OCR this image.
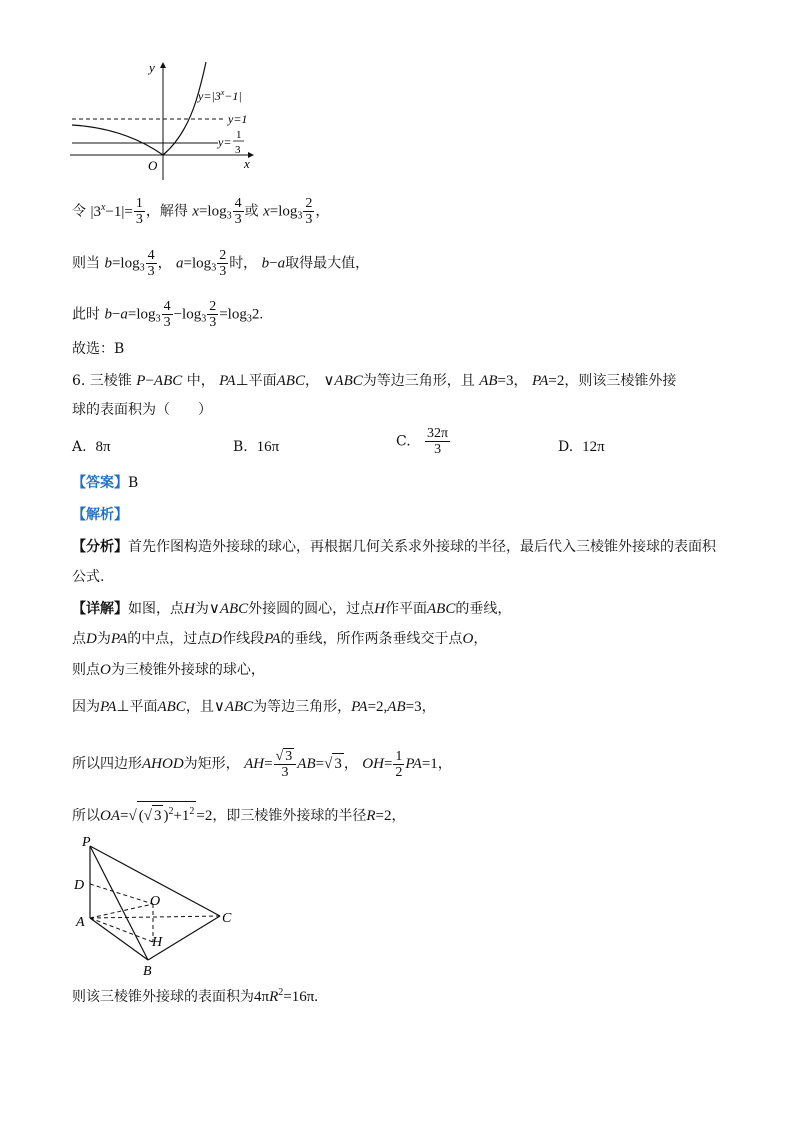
y
x
O
$y=|3^x-1|$
y=1
y= 1
3
令 $|3^x-1|= \frac{1}{3}$ ，解得 $x=\log_3 \frac{4}{3}$ 或 $x=\log_3 \frac{2}{3}$ ，
则当 $b=\log_3 \frac{4}{3}$ ， $a=\log_3 \frac{2}{3}$ 时， b−a取得最大值，
此时 $b-a=\log_3 \frac{4}{3} -\log_3 \frac{2}{3} =\log_32$.
故选：B
6. 三棱锥 P−ABC 中， PA⊥平面ABC， ∨ABC为等边三角形，且 AB=3， PA=2，则该三棱锥外接
球的表面积为（　　）
A. 8π	B. 16π	C. $\frac{32\pi}{3}$	D. 12π
【答案】B
【解析】
【分析】首先作图构造外接球的球心，再根据几何关系求外接球的半径，最后代入三棱锥外接球的表面积
公式.
【详解】如图，点H为∨ABC外接圆的圆心，过点H作平面ABC的垂线，
点D为PA的中点，过点D作线段PA的垂线，所作两条垂线交于点O，
则点O为三棱锥外接球的球心，
因为PA⊥平面ABC，且∨ABC为等边三角形，PA=2,AB=3，
所以四边形AHOD为矩形， $AH= \frac{√ 3}{3} AB=√$ 3 ， $OH= \frac{1}{2} PA=1$，
所以OA=√ (√ 3 )$^2+1^2 =2$，即三棱锥外接球的半径R=2，
P
D
O
A
H
C
B
则该三棱锥外接球的表面积为$4\pi R^2=16\pi$.
